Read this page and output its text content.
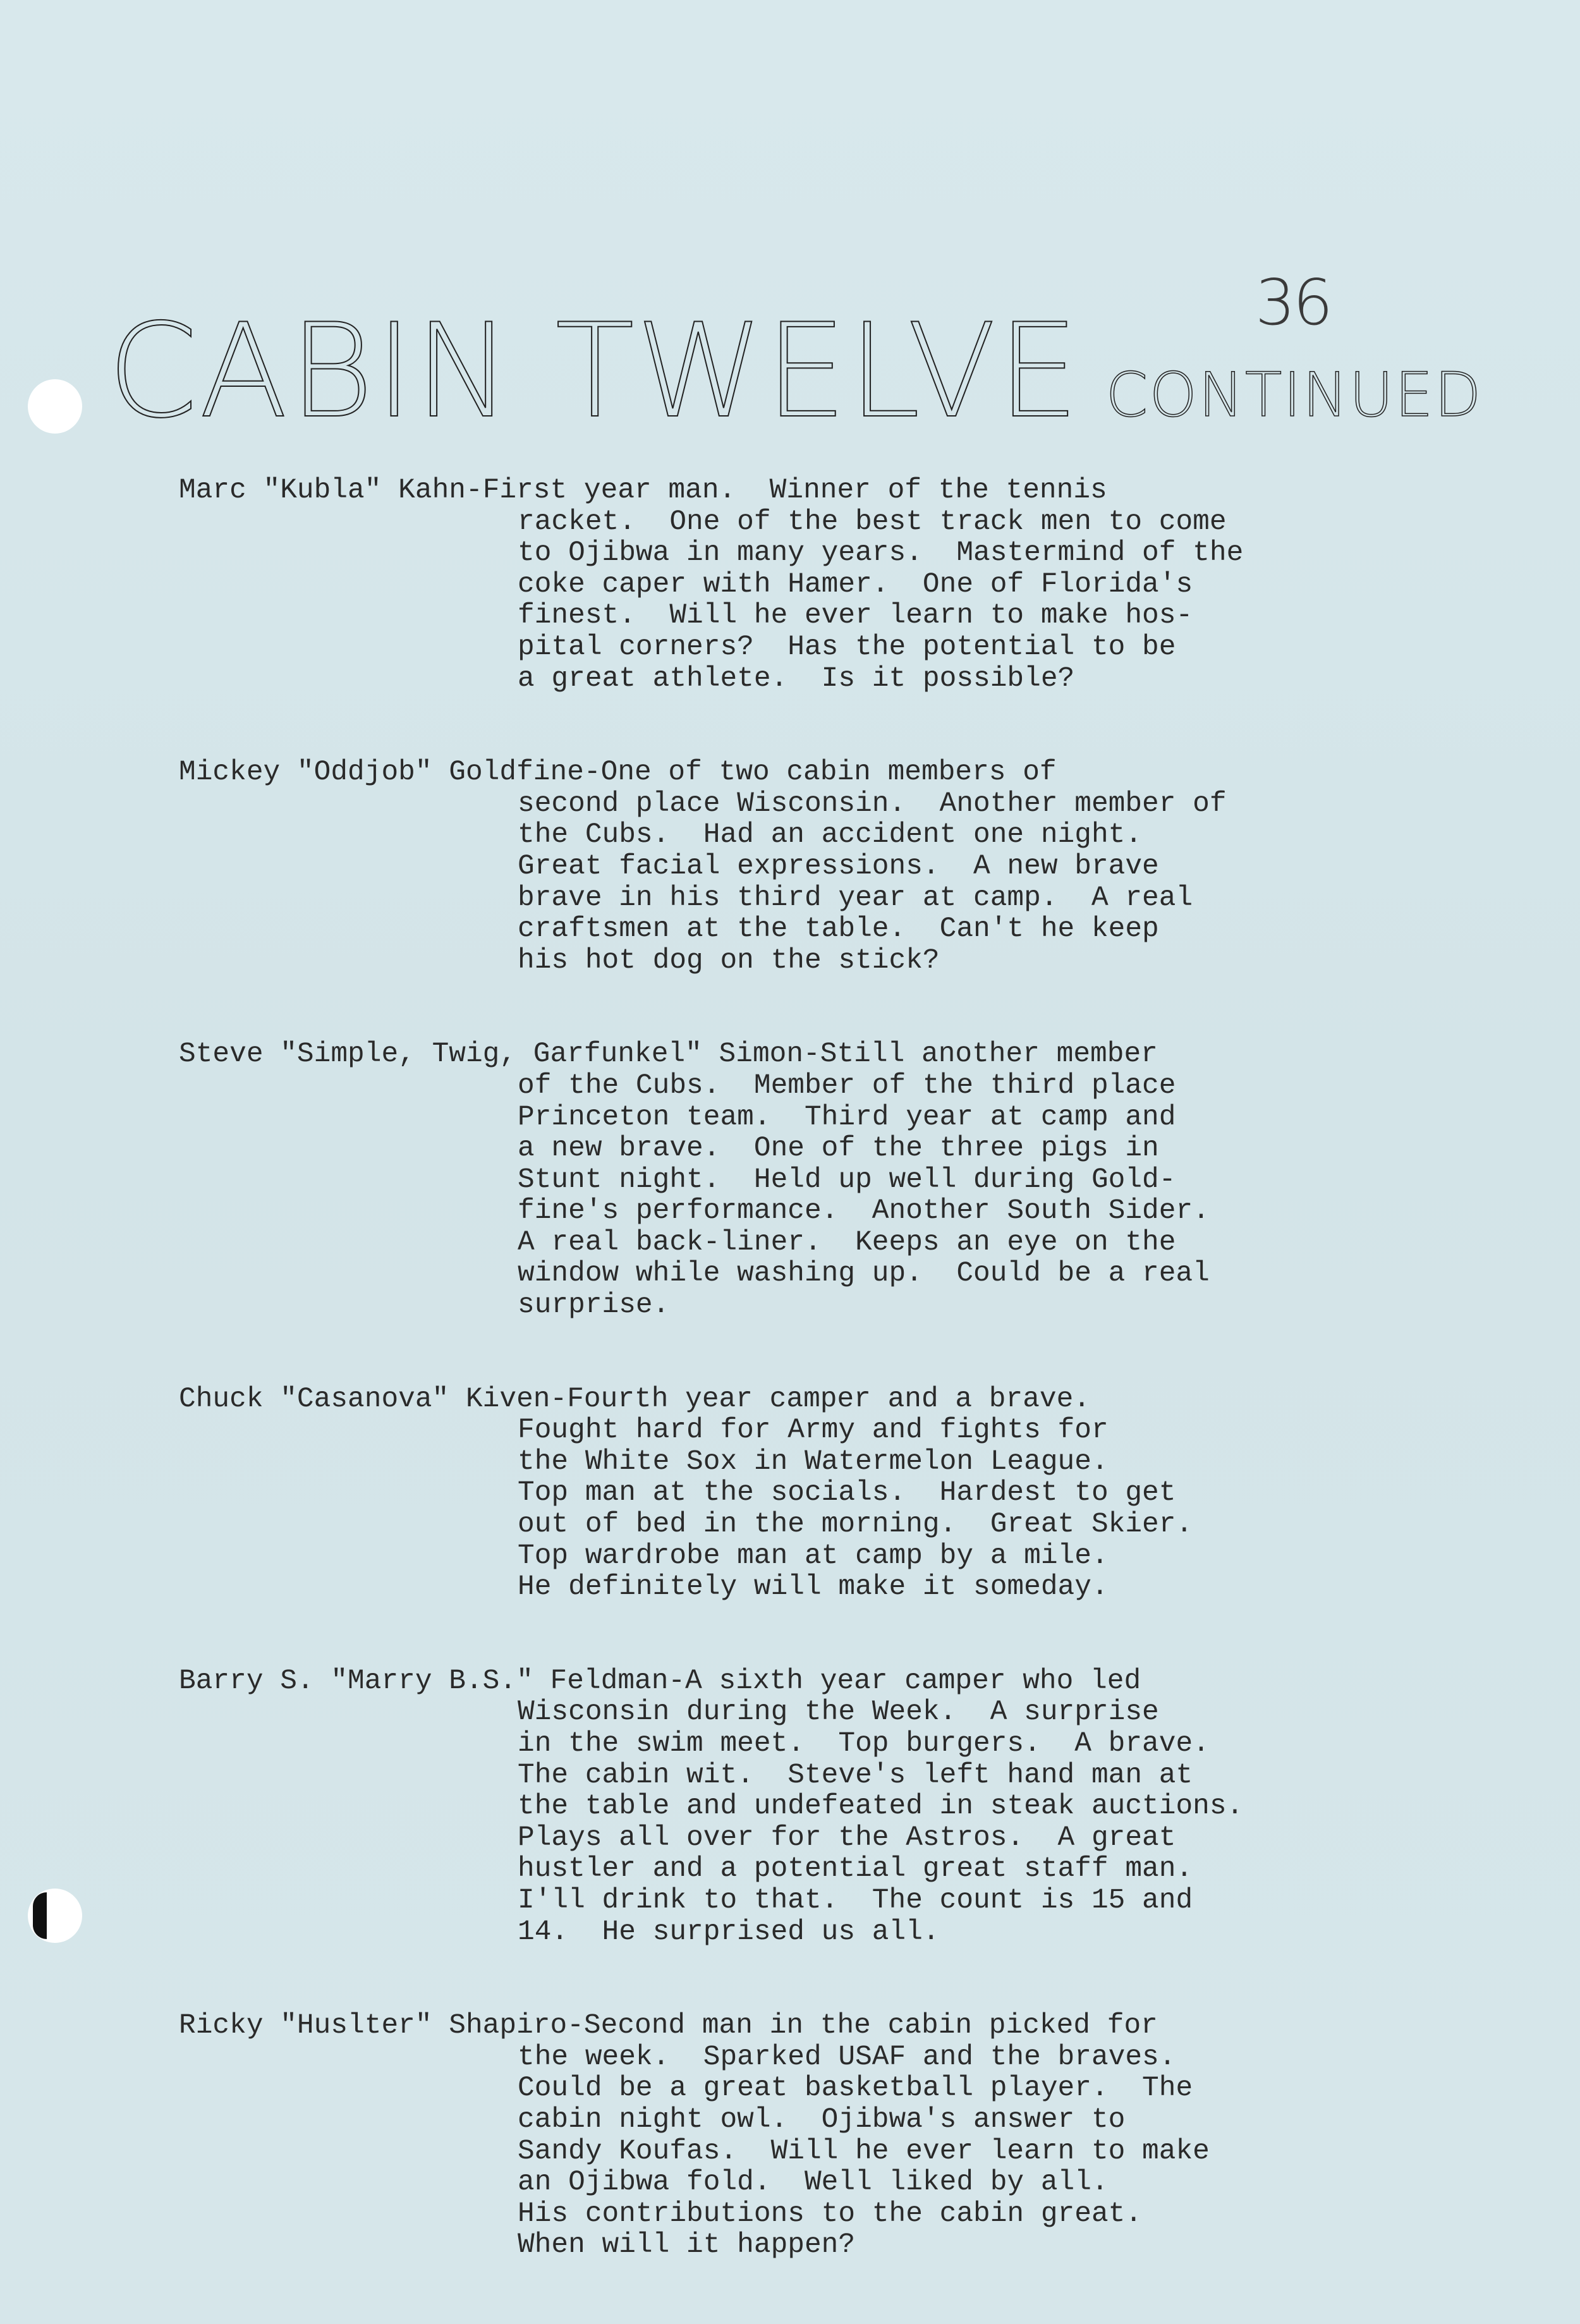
36
CABIN TWELVE CONTINUED
Marc "Kubla" Kahn-First year man.  Winner of the tennis
racket.  One of the best track men to come
to Ojibwa in many years.  Mastermind of the
coke caper with Hamer.  One of Florida's
finest.  Will he ever learn to make hos-
pital corners?  Has the potential to be
a great athlete.  Is it possible?
Mickey "Oddjob" Goldfine-One of two cabin members of
second place Wisconsin.  Another member of
the Cubs.  Had an accident one night.
Great facial expressions.  A new brave
brave in his third year at camp.  A real
craftsmen at the table.  Can't he keep
his hot dog on the stick?
Steve "Simple, Twig, Garfunkel" Simon-Still another member
of the Cubs.  Member of the third place
Princeton team.  Third year at camp and
a new brave.  One of the three pigs in
Stunt night.  Held up well during Gold-
fine's performance.  Another South Sider.
A real back-liner.  Keeps an eye on the
window while washing up.  Could be a real
surprise.
Chuck "Casanova" Kiven-Fourth year camper and a brave.
Fought hard for Army and fights for
the White Sox in Watermelon League.
Top man at the socials.  Hardest to get
out of bed in the morning.  Great Skier.
Top wardrobe man at camp by a mile.
He definitely will make it someday.
Barry S. "Marry B.S." Feldman-A sixth year camper who led
Wisconsin during the Week.  A surprise
in the swim meet.  Top burgers.  A brave.
The cabin wit.  Steve's left hand man at
the table and undefeated in steak auctions.
Plays all over for the Astros.  A great
hustler and a potential great staff man.
I'll drink to that.  The count is 15 and
14.  He surprised us all.
Ricky "Huslter" Shapiro-Second man in the cabin picked for
the week.  Sparked USAF and the braves.
Could be a great basketball player.  The
cabin night owl.  Ojibwa's answer to
Sandy Koufas.  Will he ever learn to make
an Ojibwa fold.  Well liked by all.
His contributions to the cabin great.
When will it happen?
